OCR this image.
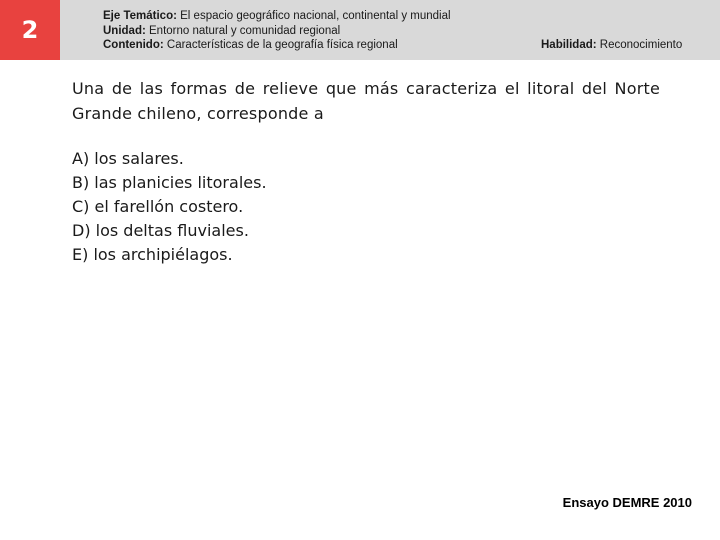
2	Eje Temático: El espacio geográfico nacional, continental y mundial
Unidad: Entorno natural y comunidad regional
Contenido: Características de la geografía física regional	Habilidad: Reconocimiento
Una de las formas de relieve que más caracteriza el litoral del Norte Grande chileno, corresponde a
A) los salares.
B) las planicies litorales.
C) el farellón costero.
D) los deltas fluviales.
E) los archipiélagos.
Ensayo DEMRE 2010
